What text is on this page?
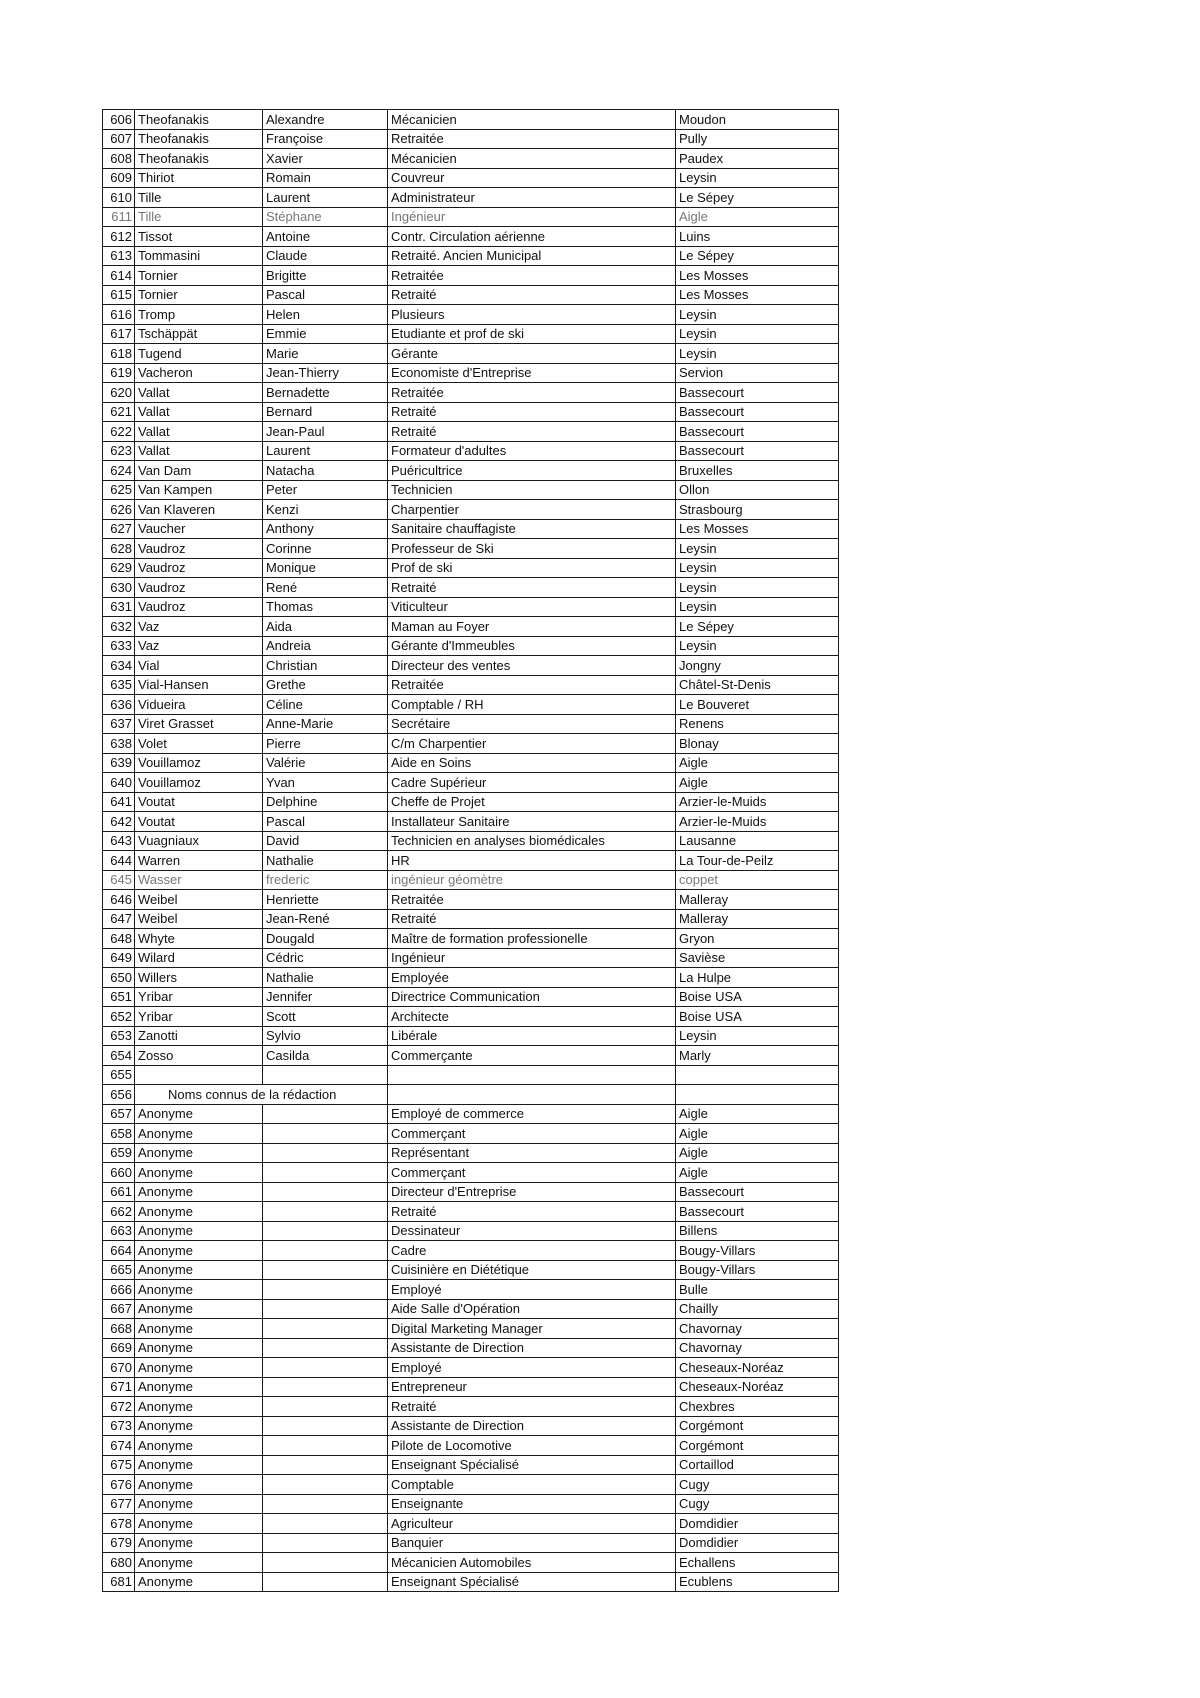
606	Theofanakis	Alexandre	Mécanicien	Moudon
607	Theofanakis	Françoise	Retraitée	Pully
608	Theofanakis	Xavier	Mécanicien	Paudex
609	Thiriot	Romain	Couvreur	Leysin
610	Tille	Laurent	Administrateur	Le Sépey
611	Tille	Stéphane	Ingénieur	Aigle
612	Tissot	Antoine	Contr. Circulation aérienne	Luins
613	Tommasini	Claude	Retraité. Ancien Municipal	Le Sépey
614	Tornier	Brigitte	Retraitée	Les Mosses
615	Tornier	Pascal	Retraité	Les Mosses
616	Tromp	Helen	Plusieurs	Leysin
617	Tschäppät	Emmie	Etudiante et prof de ski	Leysin
618	Tugend	Marie	Gérante	Leysin
619	Vacheron	Jean-Thierry	Economiste d'Entreprise	Servion
620	Vallat	Bernadette	Retraitée	Bassecourt
621	Vallat	Bernard	Retraité	Bassecourt
622	Vallat	Jean-Paul	Retraité	Bassecourt
623	Vallat	Laurent	Formateur d'adultes	Bassecourt
624	Van Dam	Natacha	Puéricultrice	Bruxelles
625	Van Kampen	Peter	Technicien	Ollon
626	Van Klaveren	Kenzi	Charpentier	Strasbourg
627	Vaucher	Anthony	Sanitaire chauffagiste	Les Mosses
628	Vaudroz	Corinne	Professeur de Ski	Leysin
629	Vaudroz	Monique	Prof de ski	Leysin
630	Vaudroz	René	Retraité	Leysin
631	Vaudroz	Thomas	Viticulteur	Leysin
632	Vaz	Aida	Maman au Foyer	Le Sépey
633	Vaz	Andreia	Gérante d'Immeubles	Leysin
634	Vial	Christian	Directeur des ventes	Jongny
635	Vial-Hansen	Grethe	Retraitée	Châtel-St-Denis
636	Vidueira	Céline	Comptable / RH	Le Bouveret
637	Viret Grasset	Anne-Marie	Secrétaire	Renens
638	Volet	Pierre	C/m Charpentier	Blonay
639	Vouillamoz	Valérie	Aide en Soins	Aigle
640	Vouillamoz	Yvan	Cadre Supérieur	Aigle
641	Voutat	Delphine	Cheffe de Projet	Arzier-le-Muids
642	Voutat	Pascal	Installateur Sanitaire	Arzier-le-Muids
643	Vuagniaux	David	Technicien en analyses biomédicales	Lausanne
644	Warren	Nathalie	HR	La Tour-de-Peilz
645	Wasser	frederic	ingénieur géomètre	coppet
646	Weibel	Henriette	Retraitée	Malleray
647	Weibel	Jean-René	Retraité	Malleray
648	Whyte	Dougald	Maître de formation professionelle	Gryon
649	Wilard	Cédric	Ingénieur	Savièse
650	Willers	Nathalie	Employée	La Hulpe
651	Yribar	Jennifer	Directrice Communication	Boise USA
652	Yribar	Scott	Architecte	Boise USA
653	Zanotti	Sylvio	Libérale	Leysin
654	Zosso	Casilda	Commerçante	Marly
655				
656	Noms connus de la rédaction			
657	Anonyme		Employé de commerce	Aigle
658	Anonyme		Commerçant	Aigle
659	Anonyme		Représentant	Aigle
660	Anonyme		Commerçant	Aigle
661	Anonyme		Directeur d'Entreprise	Bassecourt
662	Anonyme		Retraité	Bassecourt
663	Anonyme		Dessinateur	Billens
664	Anonyme		Cadre	Bougy-Villars
665	Anonyme		Cuisinière en Diététique	Bougy-Villars
666	Anonyme		Employé	Bulle
667	Anonyme		Aide Salle d'Opération	Chailly
668	Anonyme		Digital Marketing Manager	Chavornay
669	Anonyme		Assistante de Direction	Chavornay
670	Anonyme		Employé	Cheseaux-Noréaz
671	Anonyme		Entrepreneur	Cheseaux-Noréaz
672	Anonyme		Retraité	Chexbres
673	Anonyme		Assistante de Direction	Corgémont
674	Anonyme		Pilote de Locomotive	Corgémont
675	Anonyme		Enseignant Spécialisé	Cortaillod
676	Anonyme		Comptable	Cugy
677	Anonyme		Enseignante	Cugy
678	Anonyme		Agriculteur	Domdidier
679	Anonyme		Banquier	Domdidier
680	Anonyme		Mécanicien Automobiles	Echallens
681	Anonyme		Enseignant Spécialisé	Ecublens
